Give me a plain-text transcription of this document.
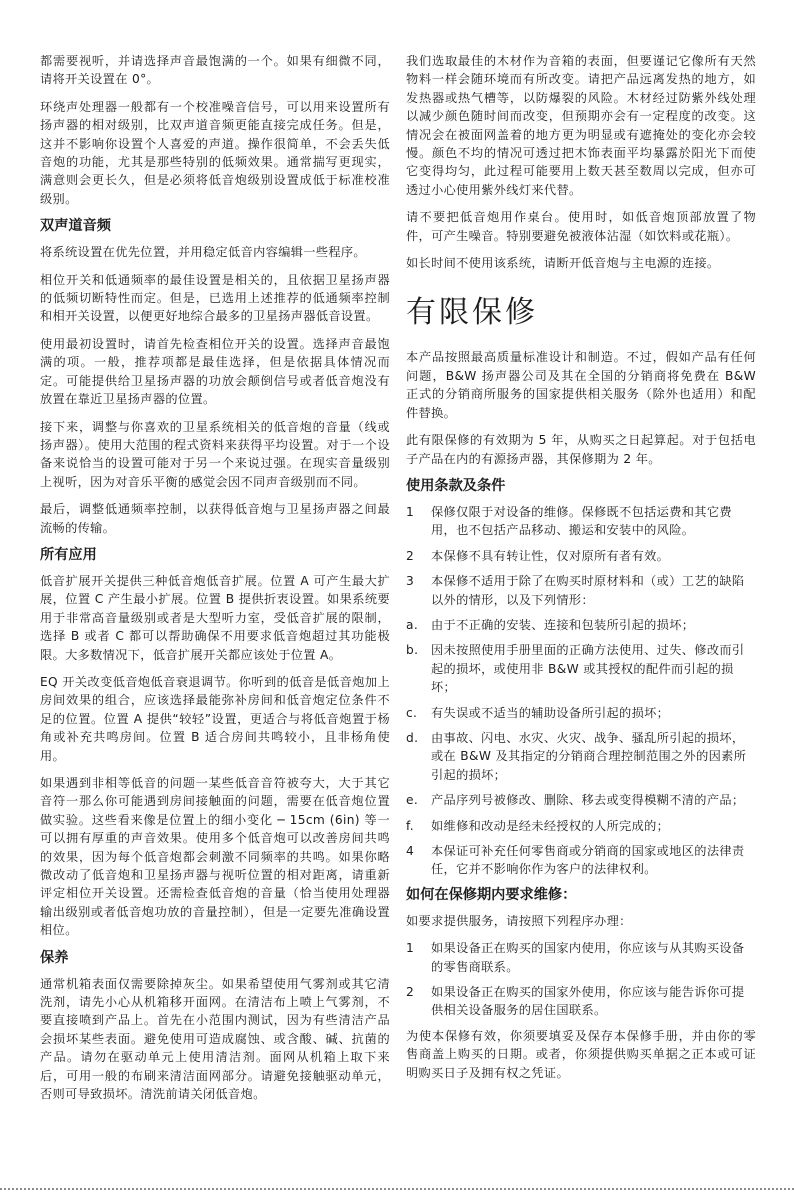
都需要视听，并请选择声音最饱满的一个。如果有细微不同，请将开关设置在 0°。

环绕声处理器一般都有一个校准噪音信号，可以用来设置所有扬声器的相对级别，比双声道音频更能直接完成任务。但是，这并不影响你设置个人喜爱的声道。操作很简单，不会丢失低音炮的功能，尤其是那些特别的低频效果。通常揣写更现实，满意则会更长久，但是必须将低音炮级别设置成低于标准校准级别。

双声道音频

将系统设置在优先位置，并用稳定低音内容编辑一些程序。

相位开关和低通频率的最佳设置是相关的，且依据卫星扬声器的低频切断特性而定。但是，已选用上述推荐的低通频率控制和相开关设置，以便更好地综合最多的卫星扬声器低音设置。

使用最初设置时，请首先检查相位开关的设置。选择声音最饱满的项。一般，推荐项都是最佳选择，但是依据具体情况而定。可能提供给卫星扬声器的功放会颠倒信号或者低音炮没有放置在靠近卫星扬声器的位置。

接下来，调整与你喜欢的卫星系统相关的低音炮的音量（线或扬声器）。使用大范围的程式资料来获得平均设置。对于一个设备来说恰当的设置可能对于另一个来说过强。在现实音量级别上视听，因为对音乐平衡的感觉会因不同声音级别而不同。

最后，调整低通频率控制，以获得低音炮与卫星扬声器之间最流畅的传输。

所有应用

低音扩展开关提供三种低音炮低音扩展。位置 A 可产生最大扩展，位置 C 产生最小扩展。位置 B 提供折衷设置。如果系统要用于非常高音量级别或者是大型听力室，受低音扩展的限制，选择 B 或者 C 都可以帮助确保不用要求低音炮超过其功能极限。大多数情况下，低音扩展开关都应该处于位置 A。

EQ 开关改变低音炮低音衰退调节。你听到的低音是低音炮加上房间效果的组合，应该选择最能弥补房间和低音炮定位条件不足的位置。位置 A 提供“较轻”设置，更适合与将低音炮置于杨角或补充共鸣房间。位置 B 适合房间共鸣较小，且非杨角使用。

如果遇到非相等低音的问题一某些低音音符被夸大，大于其它音符一那么你可能遇到房间接触面的问题，需要在低音炮位置做实验。这些看来像是位置上的细小变化 ─ 15cm (6in) 等一可以拥有厚重的声音效果。使用多个低音炮可以改善房间共鸣的效果，因为每个低音炮都会刺激不同频率的共鸣。如果你略微改动了低音炮和卫星扬声器与视听位置的相对距离，请重新评定相位开关设置。还需检查低音炮的音量（恰当使用处理器输出级别或者低音炮功放的音量控制），但是一定要先准确设置相位。

保养

通常机箱表面仅需要除掉灰尘。如果希望使用气雾剂或其它清洗剂，请先小心从机箱移开面网。在清洁布上喷上气雾剂，不要直接喷到产品上。首先在小范围内测试，因为有些清洁产品会损坏某些表面。避免使用可造成腐蚀、或含酸、碱、抗菌的产品。请勿在驱动单元上使用清洁剂。面网从机箱上取下来后，可用一般的布刷来清洁面网部分。请避免接触驱动单元，否则可导致损坏。清洗前请关闭低音炮。

我们选取最佳的木材作为音箱的表面，但要谨记它像所有天然物料一样会随环境而有所改变。请把产品远离发热的地方，如发热器或热气槽等，以防爆裂的风险。木材经过防紫外线处理以减少颜色随时间而改变，但预期亦会有一定程度的改变。这情况会在被面网盖着的地方更为明显或有遮掩处的变化亦会较慢。颜色不均的情况可透过把木饰表面平均暴露於阳光下而使它变得均匀，此过程可能要用上数天甚至数周以完成，但亦可透过小心使用紫外线灯来代替。

请不要把低音炮用作桌台。使用时，如低音炮顶部放置了物件，可产生噪音。特别要避免被液体沾湿（如饮料或花瓶）。

如长时间不使用该系统，请断开低音炮与主电源的连接。

有限保修

本产品按照最高质量标准设计和制造。不过，假如产品有任何问题，B&W 扬声器公司及其在全国的分销商将免费在 B&W 正式的分销商所服务的国家提供相关服务（除外也适用）和配件替换。

此有限保修的有效期为 5 年，从购买之日起算起。对于包括电子产品在内的有源扬声器，其保修期为 2 年。

使用条款及条件
1 保修仅限于对设备的维修。保修既不包括运费和其它费用，也不包括产品移动、搬运和安装中的风险。
2 本保修不具有转让性，仅对原所有者有效。
3 本保修不适用于除了在购买时原材料和（或）工艺的缺陷以外的情形，以及下列情形：
a. 由于不正确的安装、连接和包装所引起的损坏；
b. 因未按照使用手册里面的正确方法使用、过失、修改而引起的损坏，或使用非 B&W 或其授权的配件而引起的损坏；
c. 有失误或不适当的辅助设备所引起的损坏；
d. 由事故、闪电、水灾、火灾、战争、骚乱所引起的损坏，或在 B&W 及其指定的分销商合理控制范围之外的因素所引起的损坏；
e. 产品序列号被修改、删除、移去或变得模糊不清的产品；
f. 如维修和改动是经未经授权的人所完成的；
4 本保证可补充任何零售商或分销商的国家或地区的法律责任，它并不影响你作为客户的法律权利。
如何在保修期内要求维修：

如要求提供服务，请按照下列程序办理：

1 如果设备正在购买的国家内使用，你应该与从其购买设备的零售商联系。
2 如果设备正在购买的国家外使用，你应该与能告诉你可提供相关设备服务的居住国联系。

为使本保修有效，你须要填妥及保存本保修手册，并由你的零售商盖上购买的日期。或者，你须提供购买单据之正本或可证明购买日子及拥有权之凭证。
